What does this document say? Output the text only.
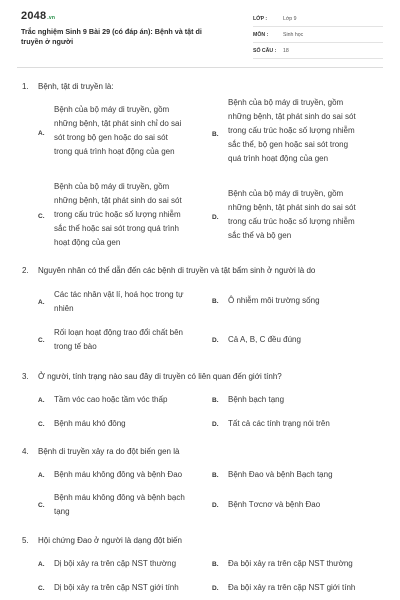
2048.vn
Trắc nghiệm Sinh 9 Bài 29 (có đáp án): Bệnh và tật di
truyền ở người
LỚP :	Lớp 9
MÔN :	Sinh học
SỐ CÂU : 18
1. Bệnh, tật di truyền là:
A.
Bệnh của bộ máy di truyền, gồm
những bệnh, tật phát sinh chỉ do sai
sót trong bộ gen hoặc do sai sót
trong quá trình hoạt động của gen
B.
Bệnh của bộ máy di truyền, gồm
những bệnh, tật phát sinh do sai sót
trong cấu trúc hoặc số lượng nhiễm
sắc thể, bộ gen hoặc sai sót trong
quá trình hoạt động của gen
C.
Bệnh của bộ máy di truyền, gồm
những bệnh, tật phát sinh do sai sót
trong cấu trúc hoặc số lượng nhiễm
sắc thể hoặc sai sót trong quá trình
hoạt động của gen
D.
Bệnh của bộ máy di truyền, gồm
những bệnh, tật phát sinh do sai sót
trong cấu trúc hoặc số lượng nhiễm
sắc thể và bộ gen
2. Nguyên nhân có thể dẫn đến các bệnh di truyền và tật bẩm sinh ở người là do
A.
Các tác nhân vật lí, hoá học trong tự
nhiên
B. Ô nhiễm môi trường sống
C.
Rối loạn hoạt động trao đổi chất bên
trong tế bào
D. Cả A, B, C đều đúng
3. Ở người, tính trạng nào sau đây di truyền có liên quan đến giới tính?
A. Tầm vóc cao hoặc tầm vóc thấp	B. Bệnh bạch tạng
C. Bệnh máu khó đông	D. Tất cả các tính trạng nói trên
4. Bệnh di truyền xảy ra do đột biến gen là
A. Bệnh máu không đông và bệnh Đao	B. Bệnh Đao và bệnh Bạch tạng
C.
Bệnh máu không đông và bệnh bạch
tạng
D. Bệnh Tơcnơ và bệnh Đao
5. Hội chứng Đao ở người là dạng đột biến
A. Dị bội xảy ra trên cặp NST thường	B. Đa bội xảy ra trên cặp NST thường
C. Dị bội xảy ra trên cặp NST giới tính	D. Đa bội xảy ra trên cặp NST giới tính
